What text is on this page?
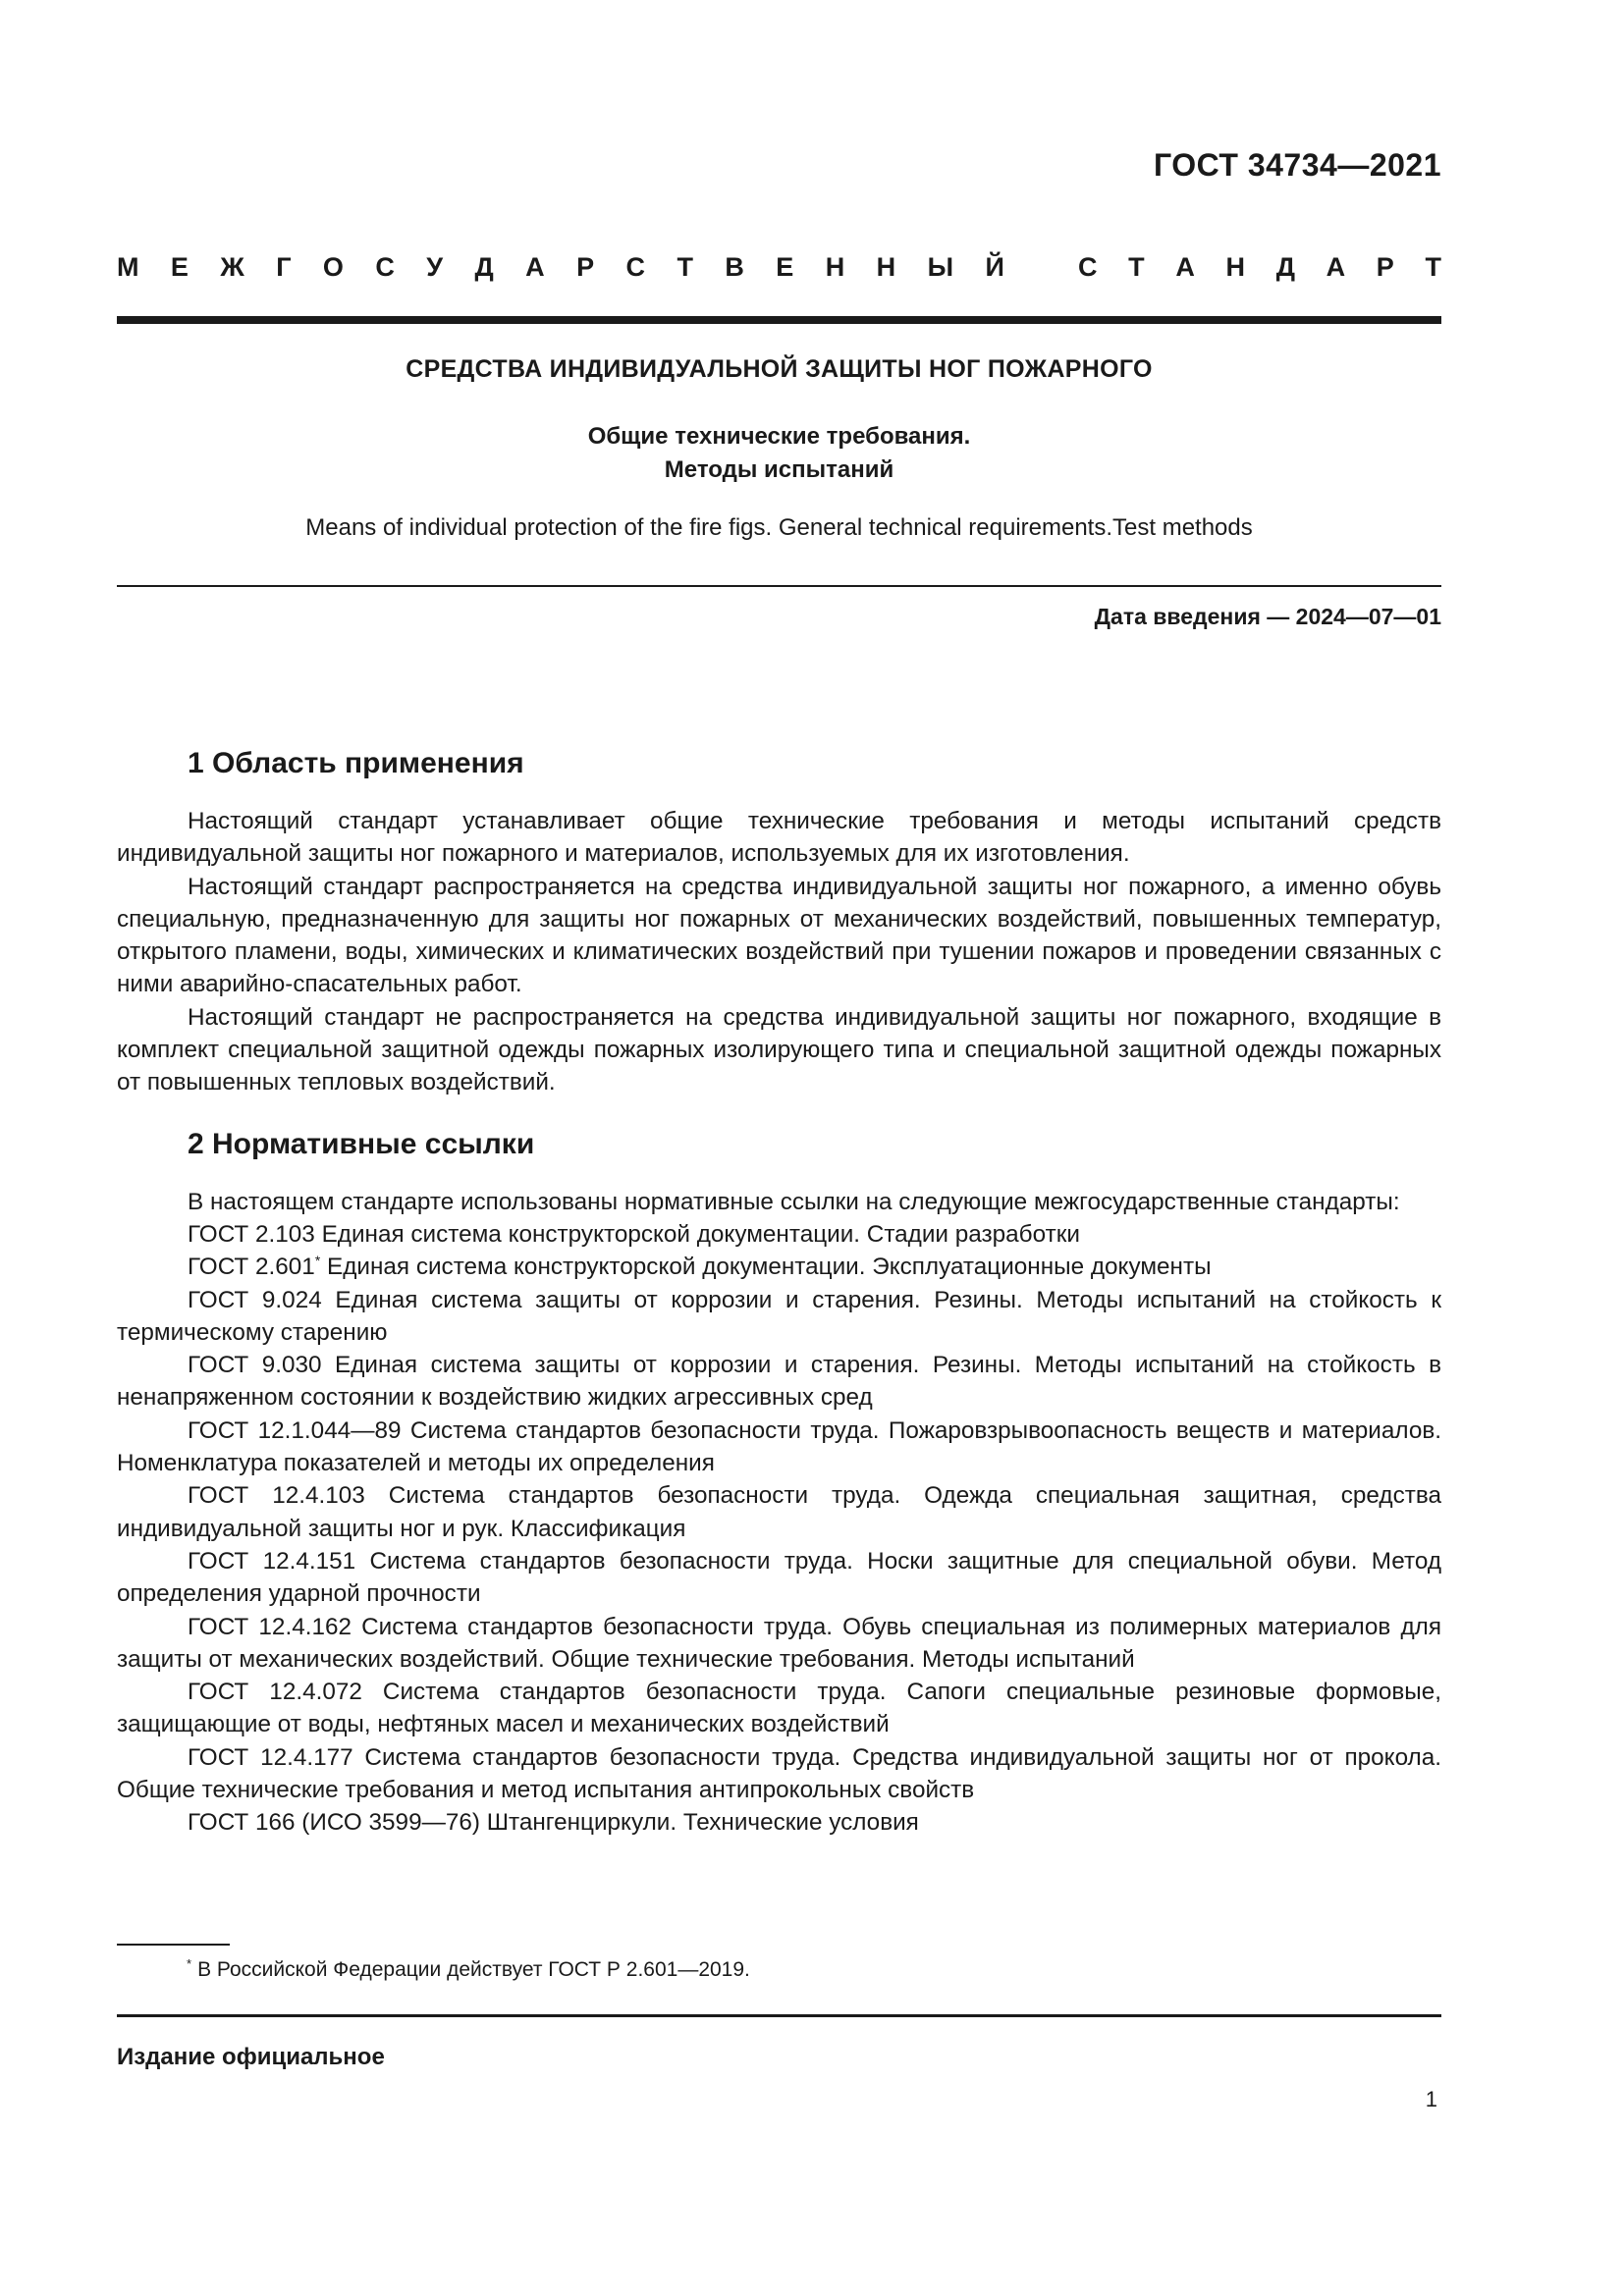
ГОСТ 34734—2021
М Е Ж Г О С У Д А Р С Т В Е Н Н Ы Й	С Т А Н Д А Р Т
СРЕДСТВА ИНДИВИДУАЛЬНОЙ ЗАЩИТЫ НОГ ПОЖАРНОГО
Общие технические требования.
Методы испытаний
Means of individual protection of the fire figs. General technical requirements.Test methods
Дата введения — 2024—07—01
1 Область применения

Настоящий стандарт устанавливает общие технические требования и методы испытаний средств индивидуальной защиты ног пожарного и материалов, используемых для их изготовления.

Настоящий стандарт распространяется на средства индивидуальной защиты ног пожарного, а именно обувь специальную, предназначенную для защиты ног пожарных от механических воздействий, повышенных температур, открытого пламени, воды, химических и климатических воздействий при тушении пожаров и проведении связанных с ними аварийно-спасательных работ.

Настоящий стандарт не распространяется на средства индивидуальной защиты ног пожарного, входящие в комплект специальной защитной одежды пожарных изолирующего типа и специальной защитной одежды пожарных от повышенных тепловых воздействий.

2 Нормативные ссылки

В настоящем стандарте использованы нормативные ссылки на следующие межгосударственные стандарты:

ГОСТ 2.103 Единая система конструкторской документации. Стадии разработки

ГОСТ 2.601* Единая система конструкторской документации. Эксплуатационные документы

ГОСТ 9.024 Единая система защиты от коррозии и старения. Резины. Методы испытаний на стойкость к термическому старению

ГОСТ 9.030 Единая система защиты от коррозии и старения. Резины. Методы испытаний на стойкость в ненапряженном состоянии к воздействию жидких агрессивных сред

ГОСТ 12.1.044—89 Система стандартов безопасности труда. Пожаровзрывоопасность веществ и материалов. Номенклатура показателей и методы их определения

ГОСТ 12.4.103 Система стандартов безопасности труда. Одежда специальная защитная, средства индивидуальной защиты ног и рук. Классификация

ГОСТ 12.4.151 Система стандартов безопасности труда. Носки защитные для специальной обуви. Метод определения ударной прочности

ГОСТ 12.4.162 Система стандартов безопасности труда. Обувь специальная из полимерных материалов для защиты от механических воздействий. Общие технические требования. Методы испытаний

ГОСТ 12.4.072 Система стандартов безопасности труда. Сапоги специальные резиновые формовые, защищающие от воды, нефтяных масел и механических воздействий

ГОСТ 12.4.177 Система стандартов безопасности труда. Средства индивидуальной защиты ног от прокола. Общие технические требования и метод испытания антипрокольных свойств

ГОСТ 166 (ИСО 3599—76) Штангенциркули. Технические условия

* В Российской Федерации действует ГОСТ Р 2.601—2019.
Издание официальное
1
